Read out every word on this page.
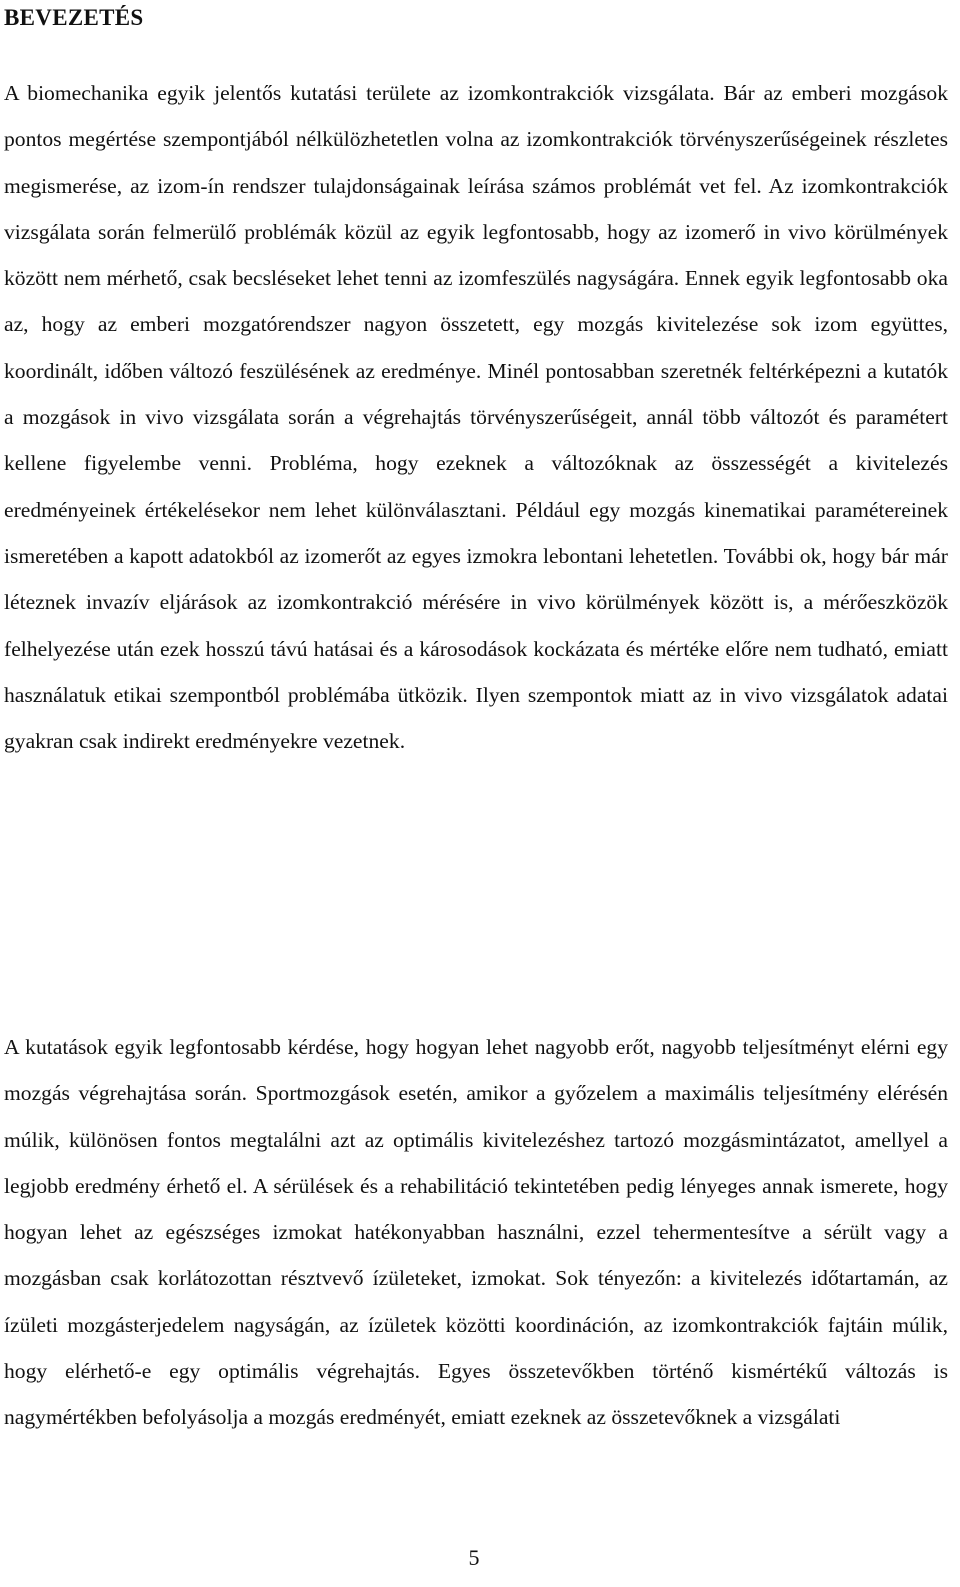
BEVEZETÉS

A biomechanika egyik jelentős kutatási területe az izomkontrakciók vizsgálata. Bár az emberi mozgások pontos megértése szempontjából nélkülözhetetlen volna az izomkontrakciók törvényszerűségeinek részletes megismerése, az izom-ín rendszer tulajdonságainak leírása számos problémát vet fel. Az izomkontrakciók vizsgálata során felmerülő problémák közül az egyik legfontosabb, hogy az izomerő in vivo körülmények között nem mérhető, csak becsléseket lehet tenni az izomfeszülés nagyságára. Ennek egyik legfontosabb oka az, hogy az emberi mozgatórendszer nagyon összetett, egy mozgás kivitelezése sok izom együttes, koordinált, időben változó feszülésének az eredménye. Minél pontosabban szeretnék feltérképezni a kutatók a mozgások in vivo vizsgálata során a végrehajtás törvényszerűségeit, annál több változót és paramétert kellene figyelembe venni. Probléma, hogy ezeknek a változóknak az összességét a kivitelezés eredményeinek értékelésekor nem lehet különválasztani. Például egy mozgás kinematikai paramétereinek ismeretében a kapott adatokból az izomerőt az egyes izmokra lebontani lehetetlen. További ok, hogy bár már léteznek invazív eljárások az izomkontrakció mérésére in vivo körülmények között is, a mérőeszközök felhelyezése után ezek hosszú távú hatásai és a károsodások kockázata és mértéke előre nem tudható, emiatt használatuk etikai szempontból problémába ütközik. Ilyen szempontok miatt az in vivo vizsgálatok adatai gyakran csak indirekt eredményekre vezetnek.

A kutatások egyik legfontosabb kérdése, hogy hogyan lehet nagyobb erőt, nagyobb teljesítményt elérni egy mozgás végrehajtása során. Sportmozgások esetén, amikor a győzelem a maximális teljesítmény elérésén múlik, különösen fontos megtalálni azt az optimális kivitelezéshez tartozó mozgásmintázatot, amellyel a legjobb eredmény érhető el. A sérülések és a rehabilitáció tekintetében pedig lényeges annak ismerete, hogy hogyan lehet az egészséges izmokat hatékonyabban használni, ezzel tehermentesítve a sérült vagy a mozgásban csak korlátozottan résztvevő ízületeket, izmokat. Sok tényezőn: a kivitelezés időtartamán, az ízületi mozgásterjedelem nagyságán, az ízületek közötti koordináción, az izomkontrakciók fajtáin múlik, hogy elérhető-e egy optimális végrehajtás. Egyes összetevőkben történő kismértékű változás is nagymértékben befolyásolja a mozgás eredményét, emiatt ezeknek az összetevőknek a vizsgálati

5
